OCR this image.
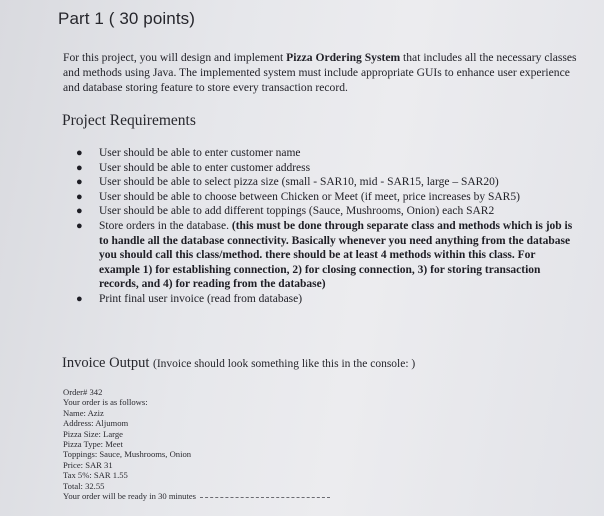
Part 1 ( 30 points)

For this project, you will design and implement Pizza Ordering System that includes all the necessary classes and methods using Java. The implemented system must include appropriate GUIs to enhance user experience and database storing feature to store every transaction record.

Project Requirements
● User should be able to enter customer name
● User should be able to enter customer address
● User should be able to select pizza size (small - SAR10, mid - SAR15, large – SAR20)
● User should be able to choose between Chicken or Meet (if meet, price increases by SAR5)
● User should be able to add different toppings (Sauce, Mushrooms, Onion) each SAR2
● Store orders in the database. (this must be done through separate class and methods which is job is to handle all the database connectivity. Basically whenever you need anything from the database you should call this class/method. there should be at least 4 methods within this class. For example 1) for establishing connection, 2) for closing connection, 3) for storing transaction records, and 4) for reading from the database)
● Print final user invoice (read from database)
Invoice Output (Invoice should look something like this in the console: )
Order# 342
Your order is as follows:
Name: Aziz
Address: Aljumom
Pizza Size: Large
Pizza Type: Meet
Toppings: Sauce, Mushrooms, Onion
Price: SAR 31
Tax 5%: SAR 1.55
Total: 32.55
Your order will be ready in 30 minutes
